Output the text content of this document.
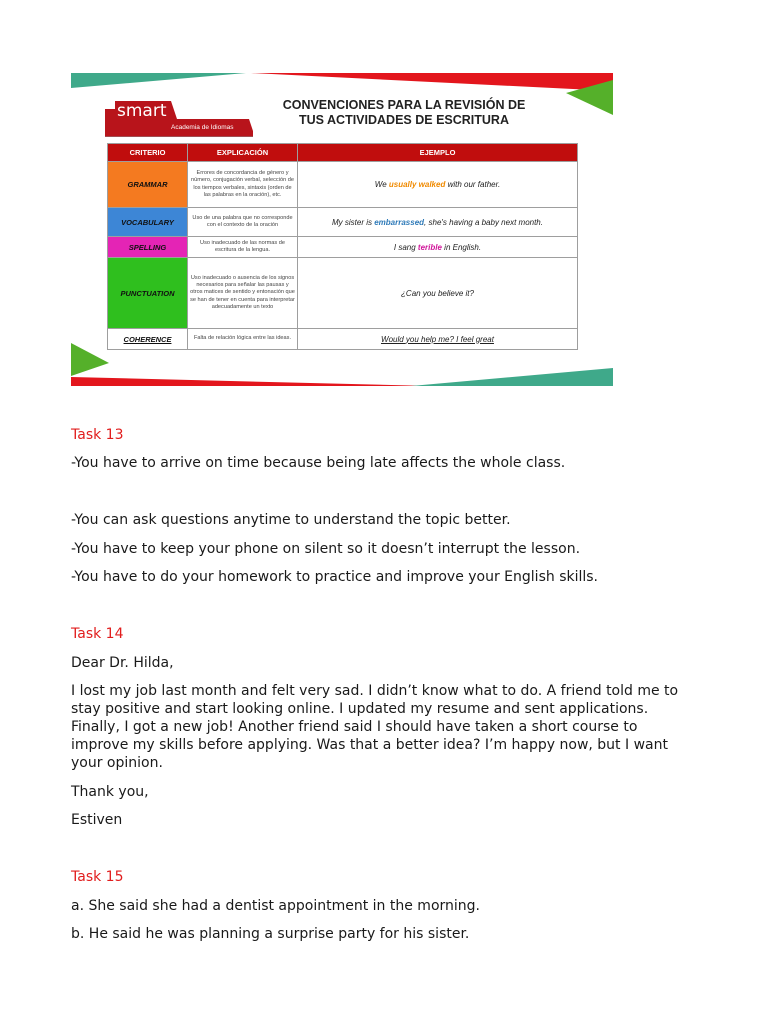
smart
Academia de Idiomas
CONVENCIONES PARA LA REVISIÓN DE
TUS ACTIVIDADES DE ESCRITURA
CRITERIO	EXPLICACIÓN	EJEMPLO
GRAMMAR	Errores de concordancia de género y número, conjugación verbal, selección de los tiempos verbales, sintaxis (orden de las palabras en la oración), etc.	We usually walked with our father.
VOCABULARY	Uso de una palabra que no corresponde con el contexto de la oración	My sister is embarrassed, she's having a baby next month.
SPELLING	Uso inadecuado de las normas de escritura de la lengua.	I sang terible in English.
PUNCTUATION	Uso inadecuado o ausencia de los signos necesarios para señalar las pausas y otros matices de sentido y entonación que se han de tener en cuenta para interpretar adecuadamente un texto	¿Can you believe it?
COHERENCE	Falta de relación lógica entre las ideas.	Would you help me? I feel great
Task 13
-You have to arrive on time because being late affects the whole class.
-You can ask questions anytime to understand the topic better.
-You have to keep your phone on silent so it doesn’t interrupt the lesson.
-You have to do your homework to practice and improve your English skills.
Task 14
Dear Dr. Hilda,
I lost my job last month and felt very sad. I didn’t know what to do. A friend told me to stay positive and start looking online. I updated my resume and sent applications. Finally, I got a new job! Another friend said I should have taken a short course to improve my skills before applying. Was that a better idea? I’m happy now, but I want your opinion.
Thank you,
Estiven
Task 15
a. She said she had a dentist appointment in the morning.
b. He said he was planning a surprise party for his sister.
